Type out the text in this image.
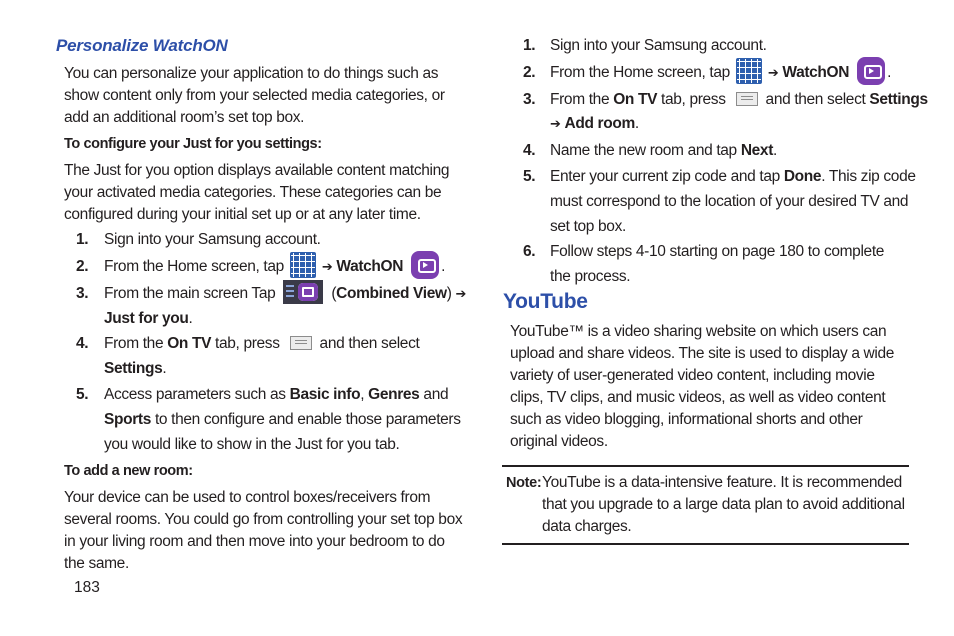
Personalize WatchON
You can personalize your application to do things such as
show content only from your selected media categories, or
add an additional room’s set top box.
To configure your Just for you settings:
The Just for you option displays available content matching
your activated media categories. These categories can be
configured during your initial set up or at any later time.
1.	Sign into your Samsung account.
2.	From the Home screen, tap	➔ WatchON .
3.	From the main screen Tap	(Combined View) ➔
Just for you.
4.	From the On TV tab, press	and then select
Settings.
5.	Access parameters such as Basic info, Genres and
Sports to then configure and enable those parameters
you would like to show in the Just for you tab.
To add a new room:
Your device can be used to control boxes/receivers from
several rooms. You could go from controlling your set top box
in your living room and then move into your bedroom to do
the same.
183
1. Sign into your Samsung account.
2. From the Home screen, tap	➔ WatchON .
3. From the On TV tab, press	and then select Settings
➔ Add room.
4. Name the new room and tap Next.
5. Enter your current zip code and tap Done. This zip code
must correspond to the location of your desired TV and
set top box.
6. Follow steps 4-10 starting on page 180 to complete
the process.
YouTube
YouTube™ is a video sharing website on which users can
upload and share videos. The site is used to display a wide
variety of user-generated video content, including movie
clips, TV clips, and music videos, as well as video content
such as video blogging, informational shorts and other
original videos.
Note: YouTube is a data-intensive feature. It is recommended
that you upgrade to a large data plan to avoid additional
data charges.
